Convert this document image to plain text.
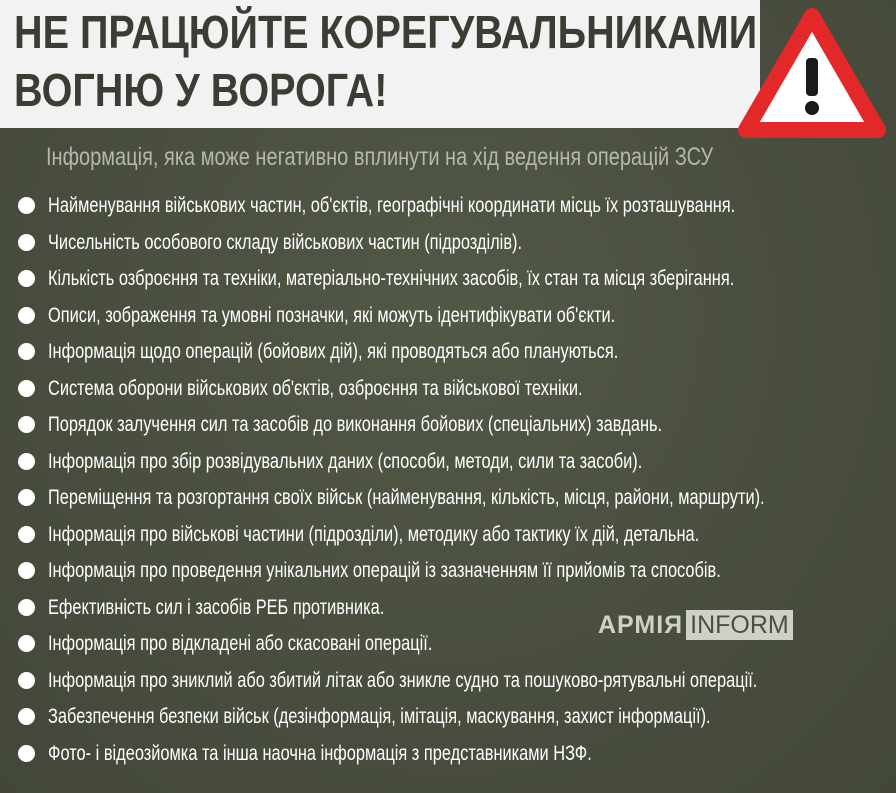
НЕ ПРАЦЮЙТЕ КОРЕГУВАЛЬНИКАМИ
ВОГНЮ У ВОРОГА!
Інформація, яка може негативно вплинути на хід ведення операцій ЗСУ
Найменування військових частин, об'єктів, географічні координати місць їх розташування.
Чисельність особового складу військових частин (підрозділів).
Кількість озброєння та техніки, матеріально-технічних засобів, їх стан та місця зберігання.
Описи, зображення та умовні позначки, які можуть ідентифікувати об'єкти.
Інформація щодо операцій (бойових дій), які проводяться або плануються.
Система оборони військових об'єктів, озброєння та військової техніки.
Порядок залучення сил та засобів до виконання бойових (спеціальних) завдань.
Інформація про збір розвідувальних даних (способи, методи, сили та засоби).
Переміщення та розгортання своїх військ (найменування, кількість, місця, райони, маршрути).
Інформація про військові частини (підрозділи), методику або тактику їх дій, детальна.
Інформація про проведення унікальних операцій із зазначенням її прийомів та способів.
Ефективність сил і засобів РЕБ противника.
Інформація про відкладені або скасовані операції.
Інформація про зниклий або збитий літак або зникле судно та пошуково-рятувальні операції.
Забезпечення безпеки військ (дезінформація, імітація, маскування, захист інформації).
Фото- і відеозйомка та інша наочна інформація з представниками НЗФ.
АРМІЯ INFORM
